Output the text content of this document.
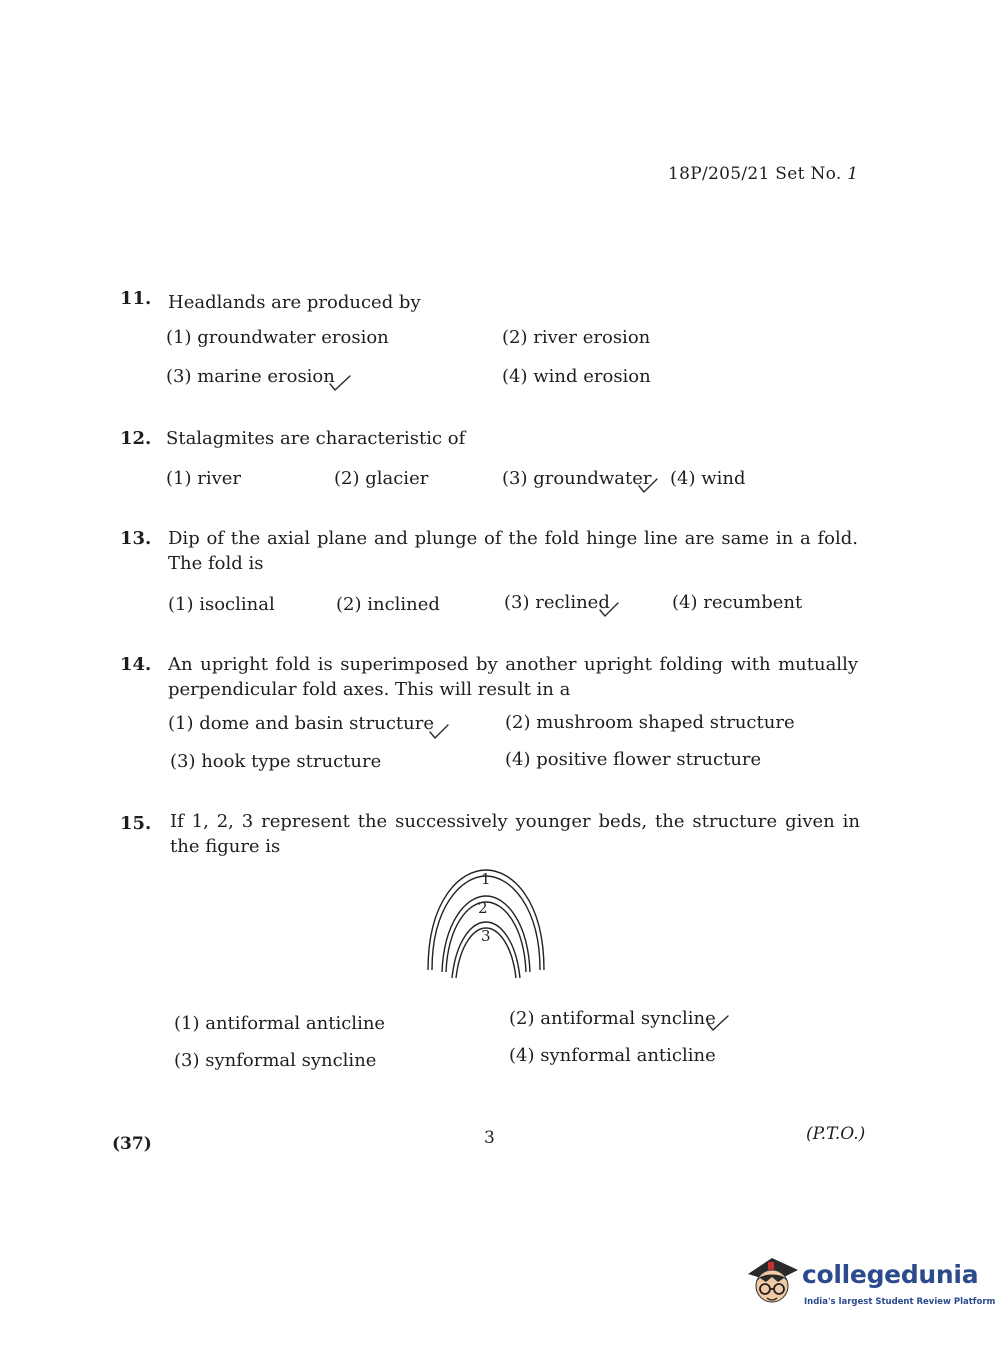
18P/205/21 Set No. 1
11. Headlands are produced by
(1) groundwater erosion	(2) river erosion
(3) marine erosion	(4) wind erosion
12. Stalagmites are characteristic of
(1) river	(2) glacier	(3) groundwater (4) wind
13. Dip of the axial plane and plunge of the fold hinge line are same in a fold. The fold is
(1) isoclinal	(2) inclined	(3) reclined	(4) recumbent
14. An upright fold is superimposed by another upright folding with mutually perpendicular fold axes. This will result in a
(1) dome and basin structure	(2) mushroom shaped structure
(3) hook type structure	(4) positive flower structure
15. If 1, 2, 3 represent the successively younger beds, the structure given in the figure is
1
2
3
(1) antiformal anticline	(2) antiformal syncline
(3) synformal syncline	(4) synformal anticline
(37)	3	(P.T.O.)
collegedunia
India's largest Student Review Platform
